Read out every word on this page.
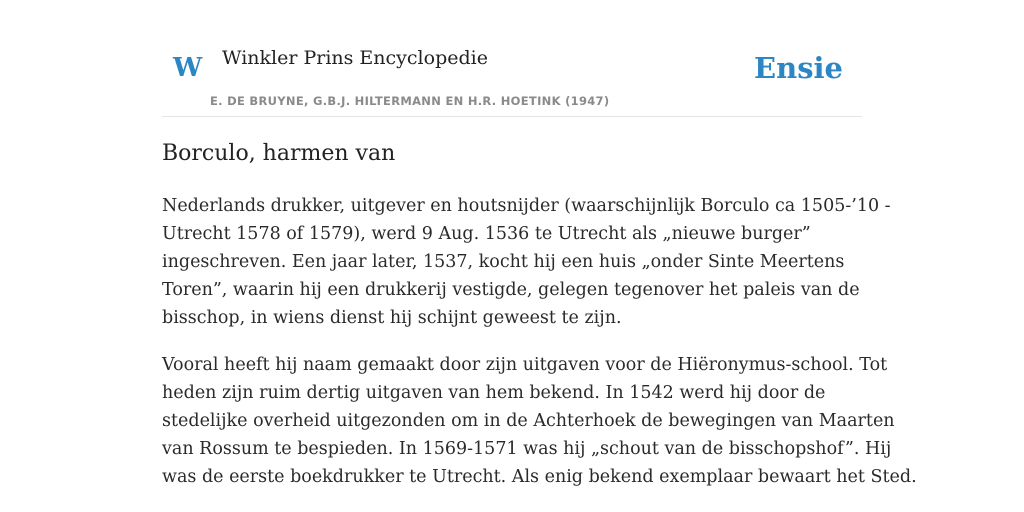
W Winkler Prins Encyclopedie
E. DE BRUYNE, G.B.J. HILTERMANN EN H.R. HOETINK (1947)
Ensie
Borculo, harmen van

Nederlands drukker, uitgever en houtsnijder (waarschijnlijk Borculo ca 1505-’10 -
Utrecht 1578 of 1579), werd 9 Aug. 1536 te Utrecht als „nieuwe burger”
ingeschreven. Een jaar later, 1537, kocht hij een huis „onder Sinte Meertens
Toren”, waarin hij een drukkerij vestigde, gelegen tegenover het paleis van de
bisschop, in wiens dienst hij schijnt geweest te zijn.

Vooral heeft hij naam gemaakt door zijn uitgaven voor de Hiëronymus-school. Tot
heden zijn ruim dertig uitgaven van hem bekend. In 1542 werd hij door de
stedelijke overheid uitgezonden om in de Achterhoek de bewegingen van Maarten
van Rossum te bespieden. In 1569-1571 was hij „schout van de bisschopshof”. Hij
was de eerste boekdrukker te Utrecht. Als enig bekend exemplaar bewaart het Sted.
